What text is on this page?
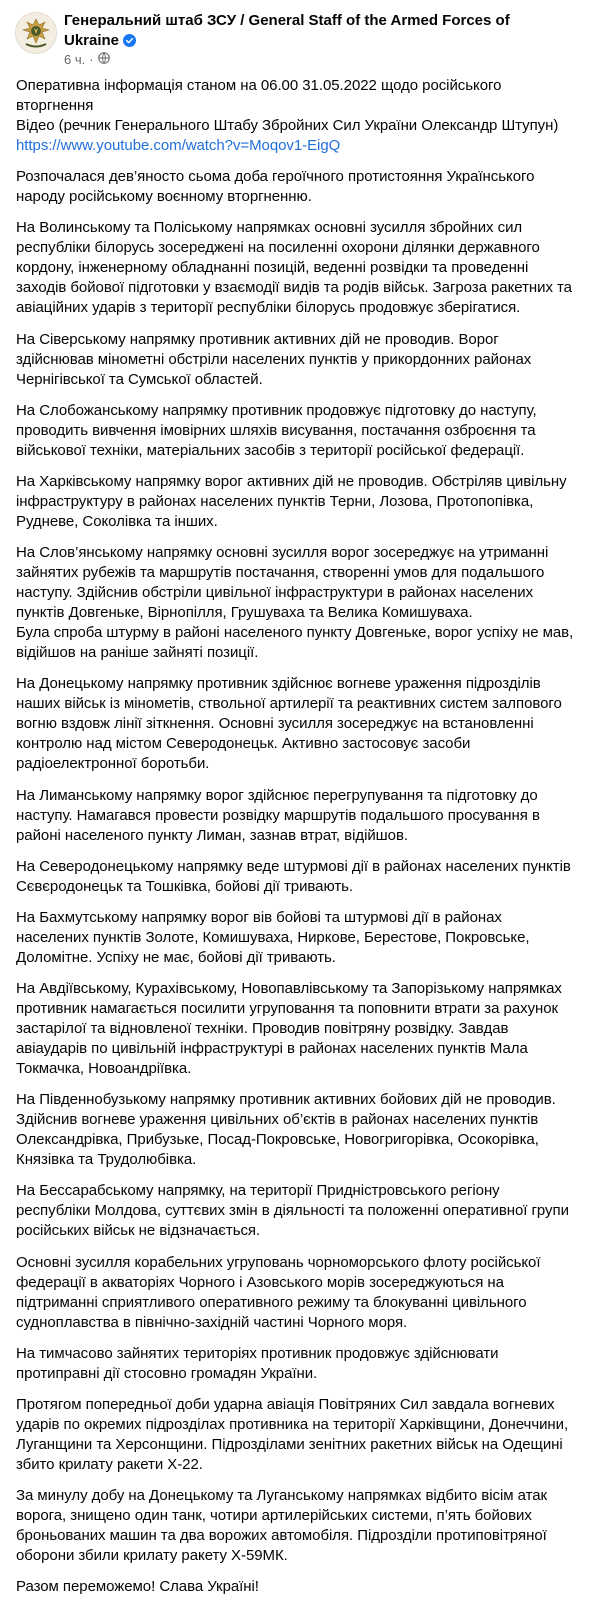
Генеральний штаб ЗСУ / General Staff of the Armed Forces of Ukraine
6 ч. ·

Оперативна інформація станом на 06.00 31.05.2022 щодо російського вторгнення
Відео (речник Генерального Штабу Збройних Сил України Олександр Штупун)
https://www.youtube.com/watch?v=Moqov1-EigQ

Розпочалася дев’яносто сьома доба героїчного протистояння Українського народу російському воєнному вторгненню.

На Волинському та Поліському напрямках основні зусилля збройних сил республіки білорусь зосереджені на посиленні охорони ділянки державного кордону, інженерному обладнанні позицій, веденні розвідки та проведенні заходів бойової підготовки у взаємодії видів та родів військ. Загроза ракетних та авіаційних ударів з території республіки білорусь продовжує зберігатися.

На Сіверському напрямку противник активних дій не проводив. Ворог здійснював мінометні обстріли населених пунктів у прикордонних районах Чернігівської та Сумської областей.

На Слобожанському напрямку противник продовжує підготовку до наступу, проводить вивчення імовірних шляхів висування, постачання озброєння та військової техніки, матеріальних засобів з території російської федерації.

На Харківському напрямку ворог активних дій не проводив. Обстріляв цивільну інфраструктуру в районах населених пунктів Терни, Лозова, Протопопівка, Рудневе, Соколівка та інших.

На Слов’янському напрямку основні зусилля ворог зосереджує на утриманні зайнятих рубежів та маршрутів постачання, створенні умов для подальшого наступу. Здійснив обстріли цивільної інфраструктури в районах населених пунктів Довгеньке, Вірнопілля, Грушуваха та Велика Комишуваха.
Була спроба штурму в районі населеного пункту Довгеньке, ворог успіху не мав, відійшов на раніше зайняті позиції.

На Донецькому напрямку противник здійснює вогневе ураження підрозділів наших військ із мінометів, ствольної артилерії та реактивних систем залпового вогню вздовж лінії зіткнення. Основні зусилля зосереджує на встановленні контролю над містом Северодонецьк. Активно застосовує засоби радіоелектронної боротьби.

На Лиманському напрямку ворог здійснює перегрупування та підготовку до наступу. Намагався провести розвідку маршрутів подальшого просування в районі населеного пункту Лиман, зазнав втрат, відійшов.

На Северодонецькому напрямку веде штурмові дії в районах населених пунктів Сєвєродонецьк та Тошківка, бойові дії тривають.

На Бахмутському напрямку ворог вів бойові та штурмові дії в районах населених пунктів Золоте, Комишуваха, Ниркове, Берестове, Покровське, Доломітне. Успіху не має, бойові дії тривають.

На Авдіївському, Курахівському, Новопавлівському та Запорізькому напрямках противник намагається посилити угруповання та поповнити втрати за рахунок застарілої та відновленої техніки. Проводив повітряну розвідку. Завдав авіаударів по цивільній інфраструктурі в районах населених пунктів Мала Токмачка, Новоандріївка.

На Південнобузькому напрямку противник активних бойових дій не проводив. Здійснив вогневе ураження цивільних об’єктів в районах населених пунктів Олександрівка, Прибузьке, Посад-Покровське, Новогригорівка, Осокорівка, Князівка та Трудолюбівка.

На Бессарабському напрямку, на території Придністровського регіону республіки Молдова, суттєвих змін в діяльності та положенні оперативної групи російських військ не відзначається.

Основні зусилля корабельних угруповань чорноморського флоту російської федерації в акваторіях Чорного і Азовського морів зосереджуються на підтриманні сприятливого оперативного режиму та блокуванні цивільного судноплавства в північно-західній частині Чорного моря.

На тимчасово зайнятих територіях противник продовжує здійснювати протиправні дії стосовно громадян України.

Протягом попередньої доби ударна авіація Повітряних Сил завдала вогневих ударів по окремих підрозділах противника на території Харківщини, Донеччини, Луганщини та Херсонщини. Підрозділами зенітних ракетних військ на Одещині збито крилату ракети Х-22.

За минулу добу на Донецькому та Луганському напрямках відбито вісім атак ворога, знищено один танк, чотири артилерійських системи, п’ять бойових броньованих машин та два ворожих автомобіля. Підрозділи протиповітряної оборони збили крилату ракету Х-59МК.

Разом переможемо! Слава Україні!
